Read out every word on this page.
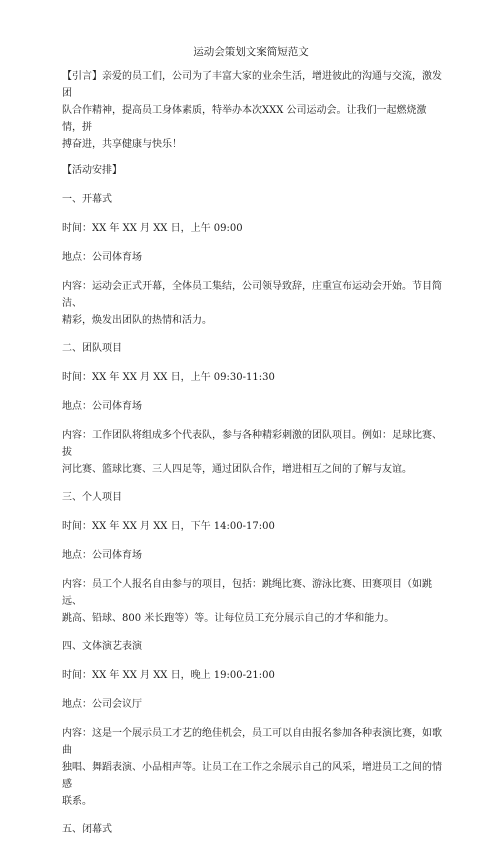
运动会策划文案简短范文
【引言】亲爱的员工们，公司为了丰富大家的业余生活，增进彼此的沟通与交流，激发团
队合作精神，提高员工身体素质，特举办本次XXX 公司运动会。让我们一起燃烧激情，拼
搏奋进，共享健康与快乐！

【活动安排】

一、开幕式

时间：XX 年 XX 月 XX 日，上午 09:00

地点：公司体育场

内容：运动会正式开幕，全体员工集结，公司领导致辞，庄重宣布运动会开始。节目简洁、
精彩，焕发出团队的热情和活力。

二、团队项目

时间：XX 年 XX 月 XX 日，上午 09:30-11:30

地点：公司体育场

内容：工作团队将组成多个代表队，参与各种精彩刺激的团队项目。例如：足球比赛、拔
河比赛、篮球比赛、三人四足等，通过团队合作，增进相互之间的了解与友谊。

三、个人项目

时间：XX 年 XX 月 XX 日，下午 14:00-17:00

地点：公司体育场

内容：员工个人报名自由参与的项目，包括：跳绳比赛、游泳比赛、田赛项目（如跳远、
跳高、铅球、800 米长跑等）等。让每位员工充分展示自己的才华和能力。

四、文体演艺表演

时间：XX 年 XX 月 XX 日，晚上 19:00-21:00

地点：公司会议厅

内容：这是一个展示员工才艺的绝佳机会，员工可以自由报名参加各种表演比赛，如歌曲
独唱、舞蹈表演、小品相声等。让员工在工作之余展示自己的风采，增进员工之间的情感
联系。

五、闭幕式
